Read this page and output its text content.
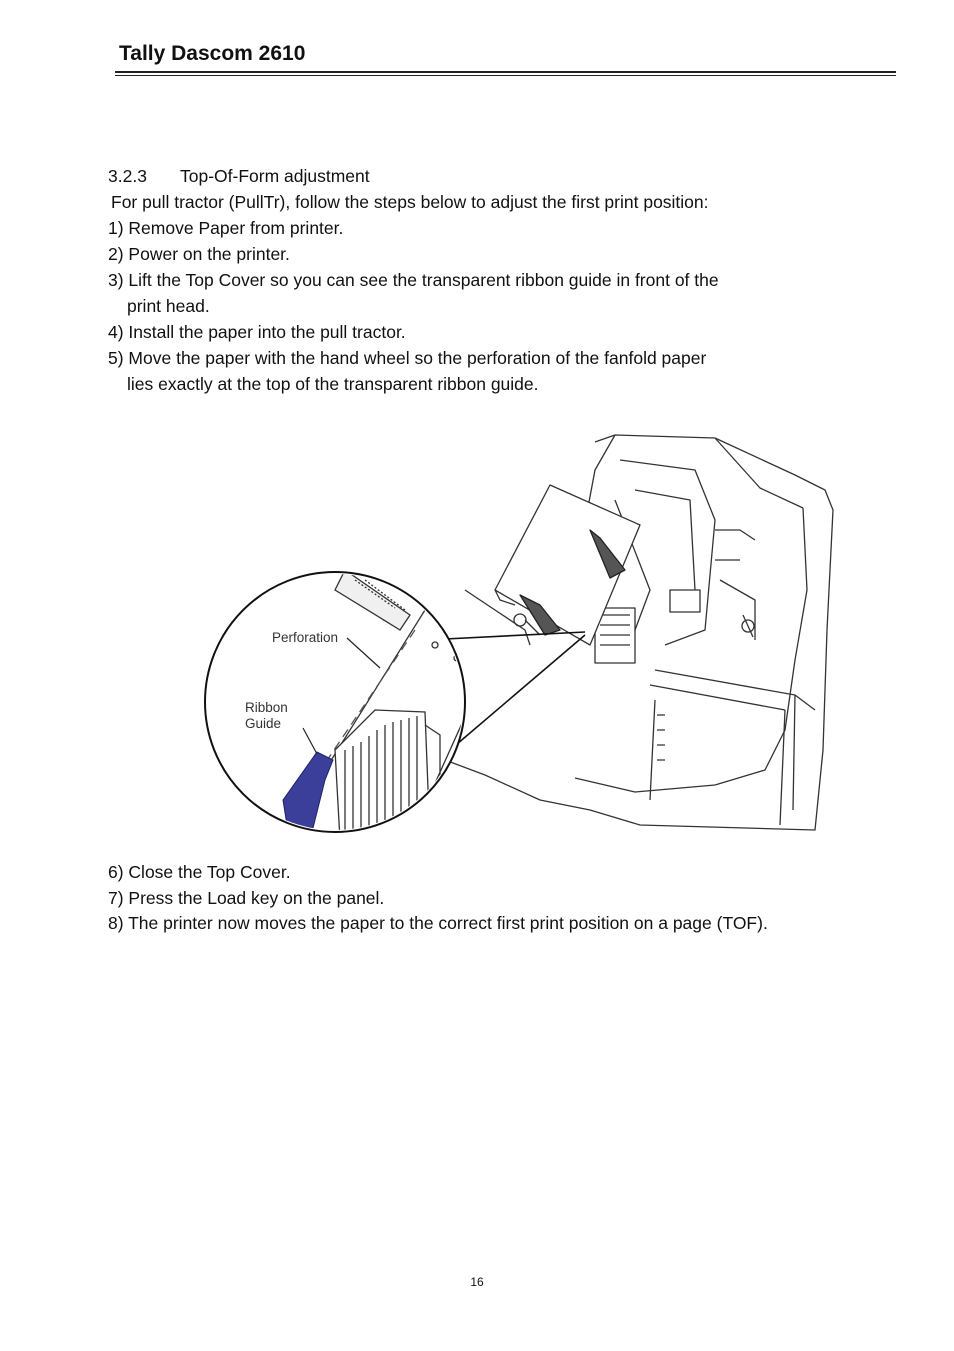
Tally Dascom 2610
3.2.3 Top-Of-Form adjustment
For pull tractor (PullTr), follow the steps below to adjust the first print position:
1) Remove Paper from printer.
2) Power on the printer.
3) Lift the Top Cover so you can see the transparent ribbon guide in front of the
print head.
4) Install the paper into the pull tractor.
5) Move the paper with the hand wheel so the perforation of the fanfold paper
lies exactly at the top of the transparent ribbon guide.
Perforation
Ribbon
Guide
6) Close the Top Cover.
7) Press the Load key on the panel.
8) The printer now moves the paper to the correct first print position on a page (TOF).
16
